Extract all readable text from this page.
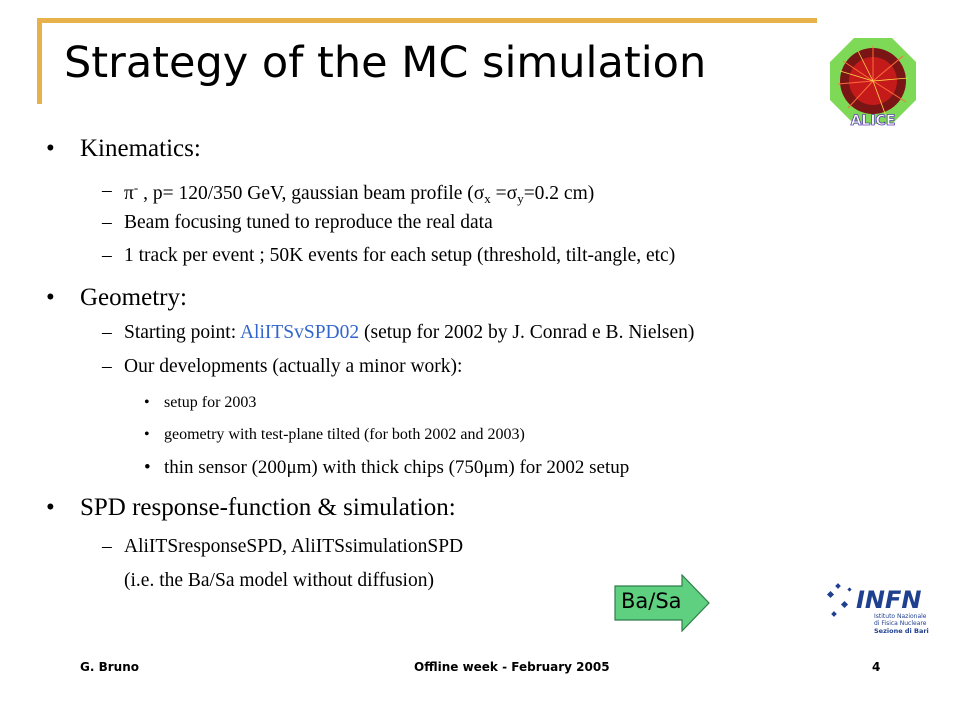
Strategy of the MC simulation
ALICE
• Kinematics:
– π- , p= 120/350 GeV, gaussian beam profile ($\sigma_x =\sigma_y=0.2$ cm)
– Beam focusing tuned to reproduce the real data
– 1 track per event ; 50K events for each setup (threshold, tilt-angle, etc)
• Geometry:
– Starting point: AliITSvSPD02 (setup for 2002 by J. Conrad e B. Nielsen)
– Our developments (actually a minor work):
• setup for 2003
• geometry with test-plane tilted (for both 2002 and 2003)
• thin sensor (200μm) with thick chips (750μm) for 2002 setup
• SPD response-function & simulation:
– AliITSresponseSPD, AliITSsimulationSPD
(i.e. the Ba/Sa model without diffusion)
Ba/Sa	INFN
Istituto Nazionale
di Fisica Nucleare
Sezione di Bari
G. Bruno	Offline week - February 2005	4
